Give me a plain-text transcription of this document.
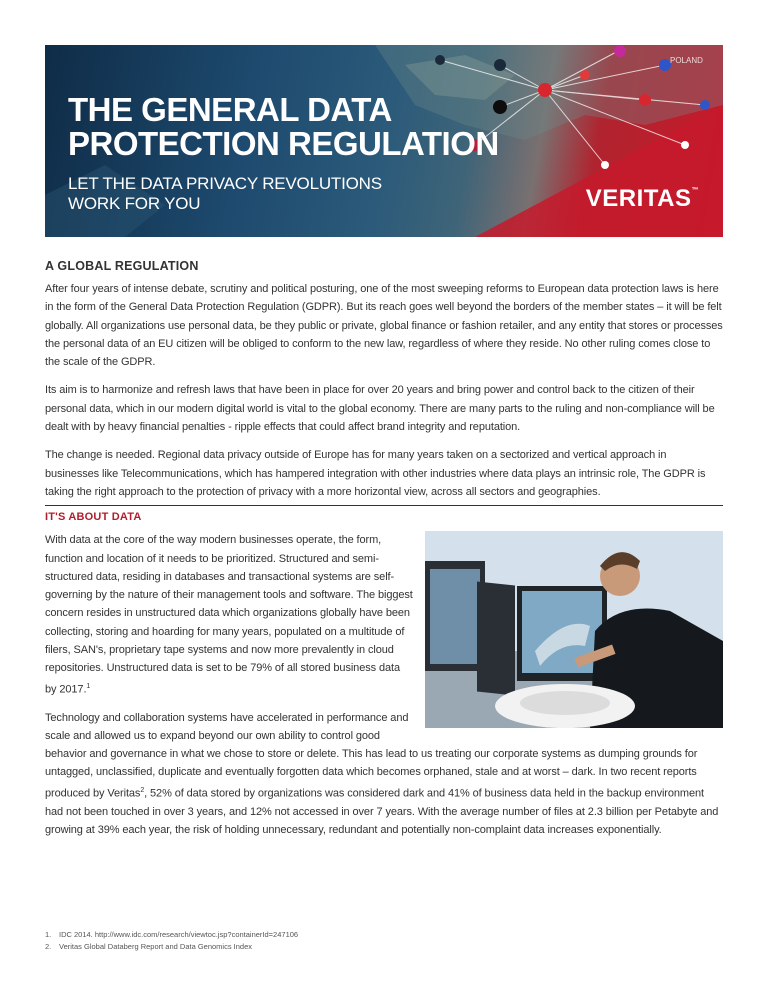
POLAND
THE GENERAL DATA
PROTECTION REGULATION
LET THE DATA PRIVACY REVOLUTIONS
WORK FOR YOU	VERITAS™
A GLOBAL REGULATION

After four years of intense debate, scrutiny and political posturing, one of the most sweeping reforms to European data protection laws is here in the form of the General Data Protection Regulation (GDPR). But its reach goes well beyond the borders of the member states – it will be felt globally. All organizations use personal data, be they public or private, global finance or fashion retailer, and any entity that stores or processes the personal data of an EU citizen will be obliged to conform to the new law, regardless of where they reside. No other ruling comes close to the scale of the GDPR.

Its aim is to harmonize and refresh laws that have been in place for over 20 years and bring power and control back to the citizen of their personal data, which in our modern digital world is vital to the global economy. There are many parts to the ruling and non-compliance will be dealt with by heavy financial penalties - ripple effects that could affect brand integrity and reputation.

The change is needed. Regional data privacy outside of Europe has for many years taken on a sectorized and vertical approach in businesses like Telecommunications, which has hampered integration with other industries where data plays an intrinsic role, The GDPR is taking the right approach to the protection of privacy with a more horizontal view, across all sectors and geographies.

IT'S ABOUT DATA

With data at the core of the way modern businesses operate, the form, function and location of it needs to be prioritized. Structured and semi-structured data, residing in databases and transactional systems are self-governing by the nature of their management tools and software. The biggest concern resides in unstructured data which organizations globally have been collecting, storing and hoarding for many years, populated on a multitude of filers, SAN's, proprietary tape systems and now more prevalently in cloud repositories. Unstructured data is set to be 79% of all stored business data by 2017.$^1$

Technology and collaboration systems have accelerated in performance and scale and allowed us to expand beyond our own ability to control good behavior and governance in what we chose to store or delete. This has lead to us treating our corporate systems as dumping grounds for untagged, unclassified, duplicate and eventually forgotten data which becomes orphaned, stale and at worst – dark. In two recent reports produced by Veritas$^2$, 52% of data stored by organizations was considered dark and 41% of business data held in the backup environment had not been touched in over 3 years, and 12% not accessed in over 7 years. With the average number of files at 2.3 billion per Petabyte and growing at 39% each year, the risk of holding unnecessary, redundant and potentially non-complaint data increases exponentially.

1. IDC 2014. http://www.idc.com/research/viewtoc.jsp?containerId=247106
2. Veritas Global Databerg Report and Data Genomics Index
